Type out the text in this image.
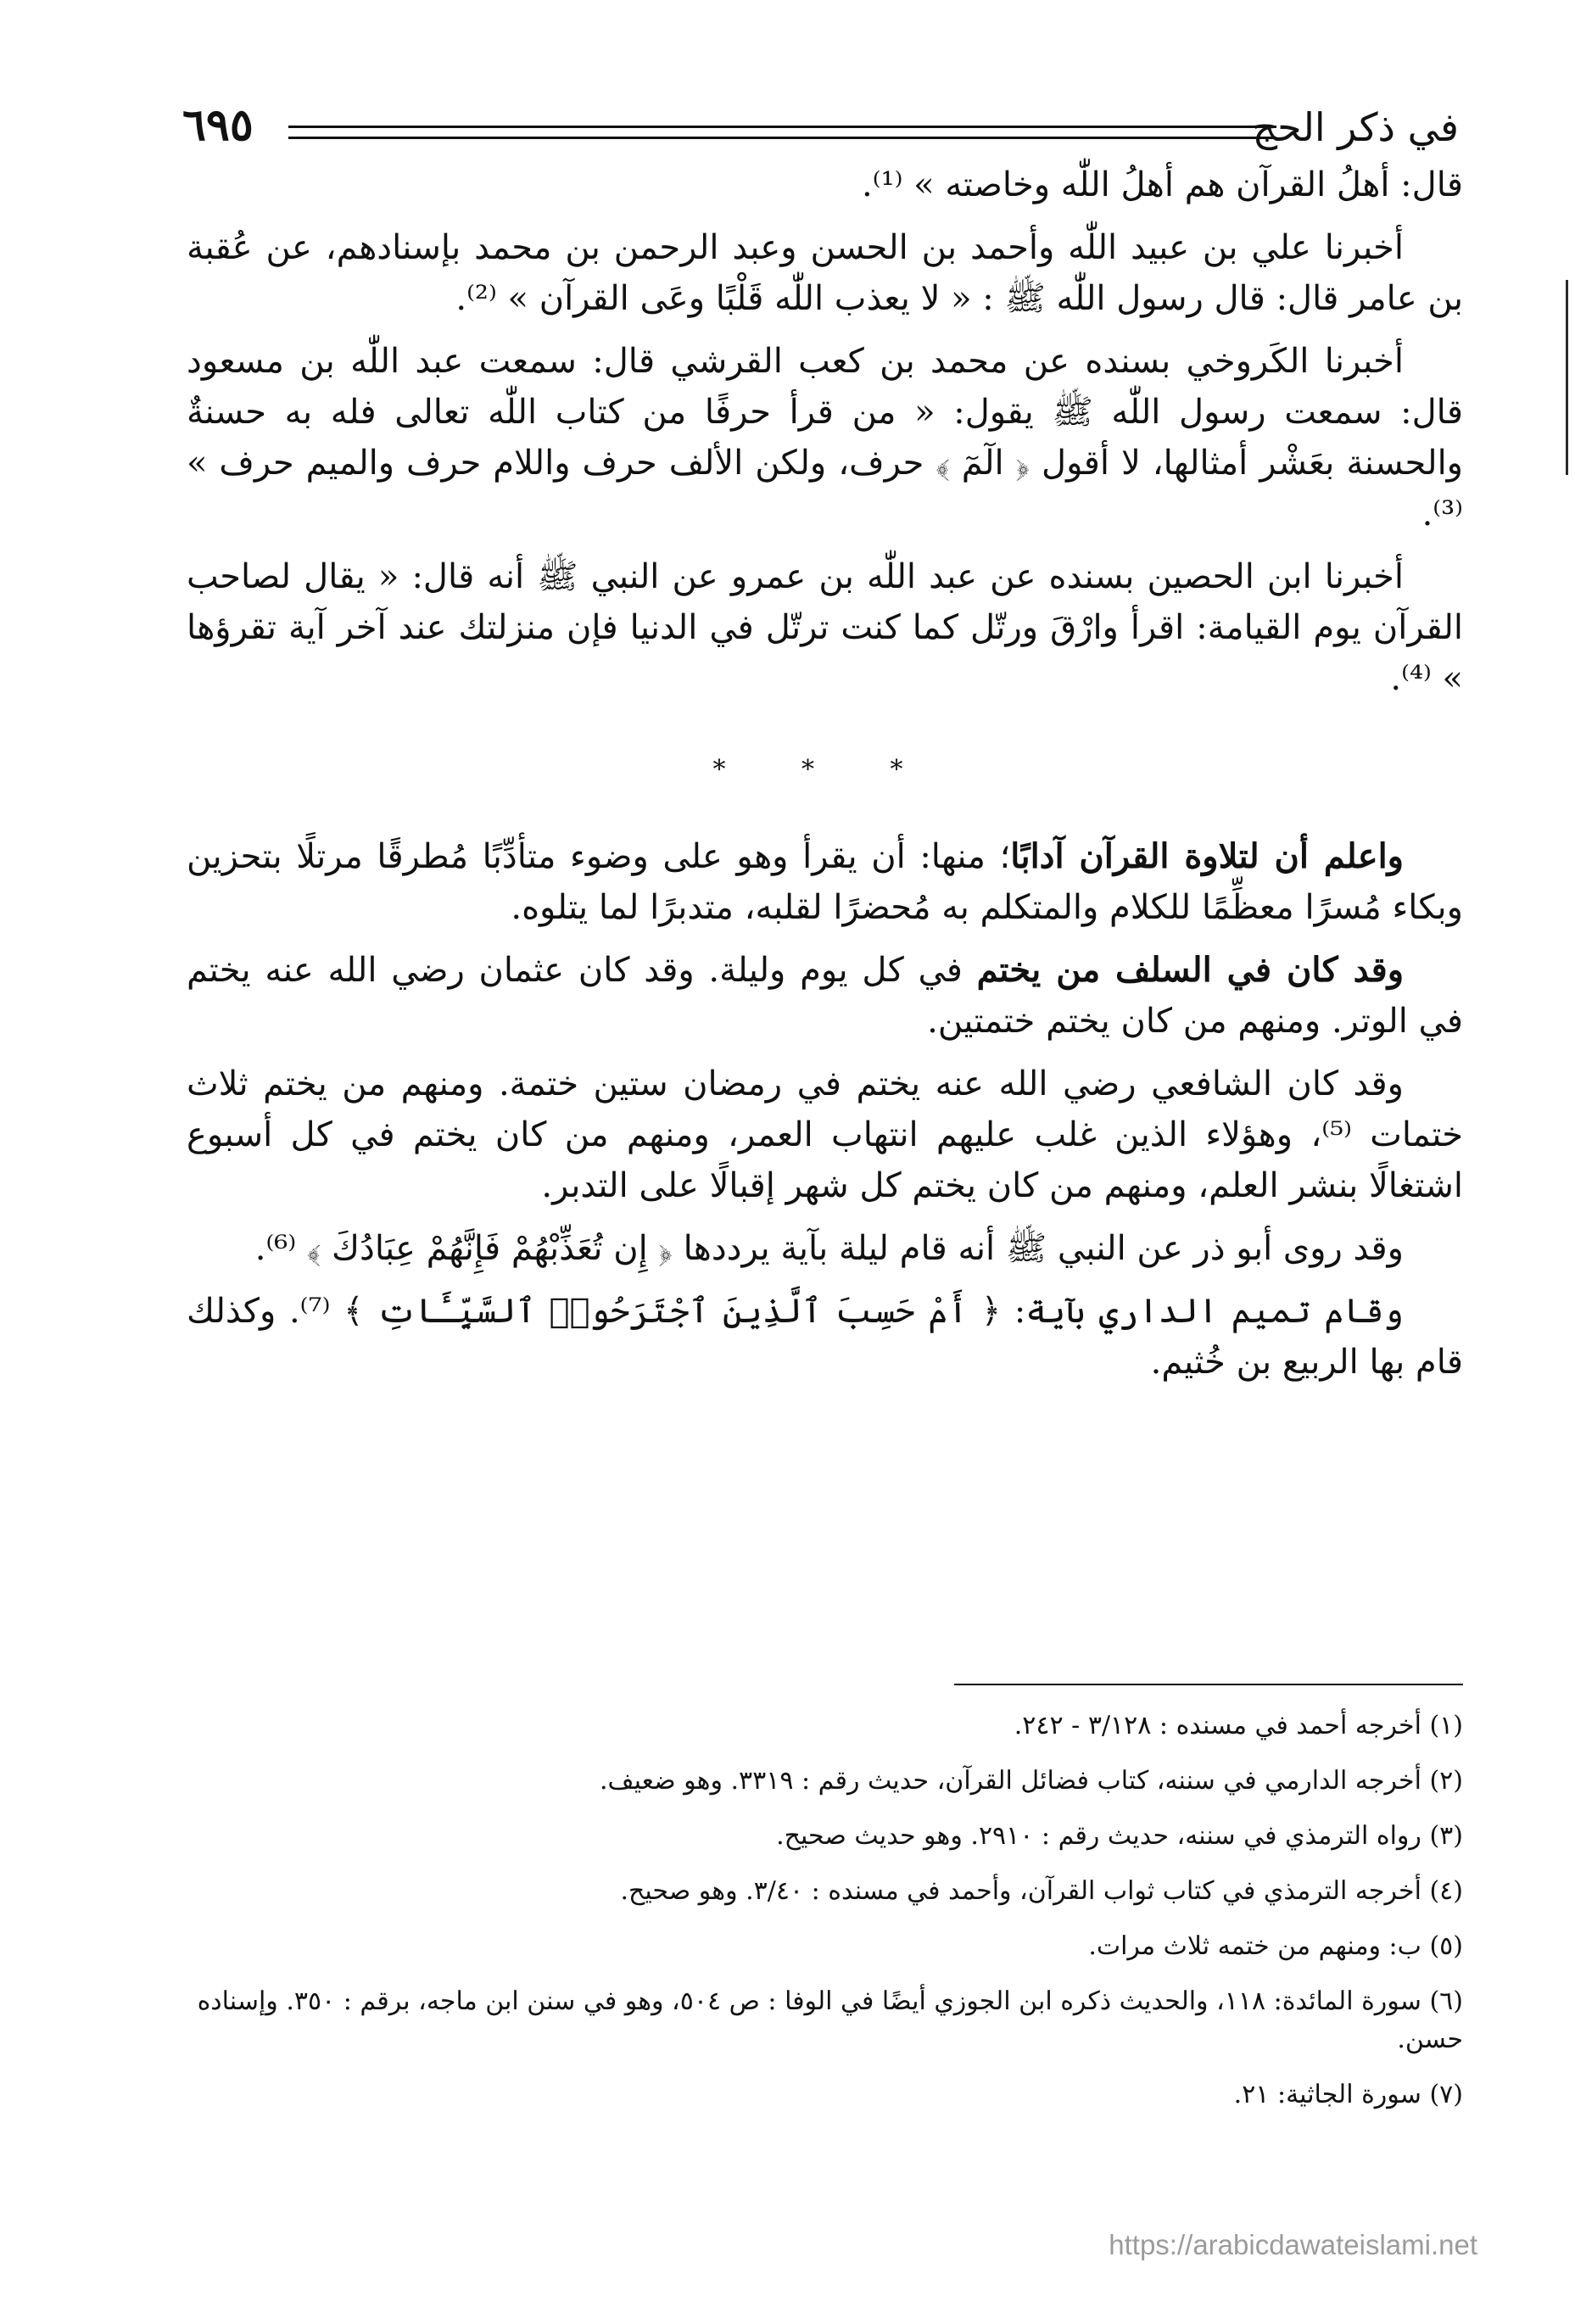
في ذكر الحج
٦٩٥

قال: أهلُ القرآن هم أهلُ اللّٰه وخاصته » ⁽¹⁾.

أخبرنا علي بن عبيد اللّٰه وأحمد بن الحسن وعبد الرحمن بن محمد بإسنادهم، عن عُقبة بن عامر قال: قال رسول اللّٰه ﷺ : « لا يعذب اللّٰه قَلْبًا وعَى القرآن » ⁽²⁾.

أخبرنا الكَروخي بسنده عن محمد بن كعب القرشي قال: سمعت عبد اللّٰه بن مسعود قال: سمعت رسول اللّٰه ﷺ يقول: « من قرأ حرفًا من كتاب اللّٰه تعالى فله به حسنةٌ والحسنة بعَشْر أمثالها، لا أقول ﴿ الٓمٓ ﴾ حرف، ولكن الألف حرف واللام حرف والميم حرف » ⁽³⁾.

أخبرنا ابن الحصين بسنده عن عبد اللّٰه بن عمرو عن النبي ﷺ أنه قال: « يقال لصاحب القرآن يوم القيامة: اقرأ وارْقَ ورتّل كما كنت ترتّل في الدنيا فإن منزلتك عند آخر آية تقرؤها » ⁽⁴⁾.

* * *

واعلم أن لتلاوة القرآن آدابًا؛ منها: أن يقرأ وهو على وضوء متأدِّبًا مُطرقًا مرتلًا بتحزين وبكاء مُسرًا معظِّمًا للكلام والمتكلم به مُحضرًا لقلبه، متدبرًا لما يتلوه.

وقد كان في السلف من يختم في كل يوم وليلة. وقد كان عثمان رضي الله عنه يختم في الوتر. ومنهم من كان يختم ختمتين.

وقد كان الشافعي رضي الله عنه يختم في رمضان ستين ختمة. ومنهم من يختم ثلاث ختمات ⁽⁵⁾، وهؤلاء الذين غلب عليهم انتهاب العمر، ومنهم من كان يختم في كل أسبوع اشتغالًا بنشر العلم، ومنهم من كان يختم كل شهر إقبالًا على التدبر.

وقد روى أبو ذر عن النبي ﷺ أنه قام ليلة بآية يرددها ﴿ إِن تُعَذِّبْهُمْ فَإِنَّهُمْ عِبَادُكَ ﴾ ⁽⁶⁾.

وقام تميم الداري بآية: ﴿ أَمْ حَسِبَ ٱلَّذِينَ ٱجْتَرَحُوا۟ ٱلسَّيِّـَٔاتِ ﴾ ⁽⁷⁾. وكذلك قام بها الربيع بن خُثيم.

(١) أخرجه أحمد في مسنده : ٣/١٢٨ - ٢٤٢.

(٢) أخرجه الدارمي في سننه، كتاب فضائل القرآن، حديث رقم : ٣٣١٩. وهو ضعيف.

(٣) رواه الترمذي في سننه، حديث رقم : ٢٩١٠. وهو حديث صحيح.

(٤) أخرجه الترمذي في كتاب ثواب القرآن، وأحمد في مسنده : ٣/٤٠. وهو صحيح.

(٥) ب: ومنهم من ختمه ثلاث مرات.

(٦) سورة المائدة: ١١٨، والحديث ذكره ابن الجوزي أيضًا في الوفا : ص ٥٠٤، وهو في سنن ابن ماجه، برقم : ٣٥٠. وإسناده حسن.

(٧) سورة الجاثية: ٢١.

https://arabicdawateislami.net
